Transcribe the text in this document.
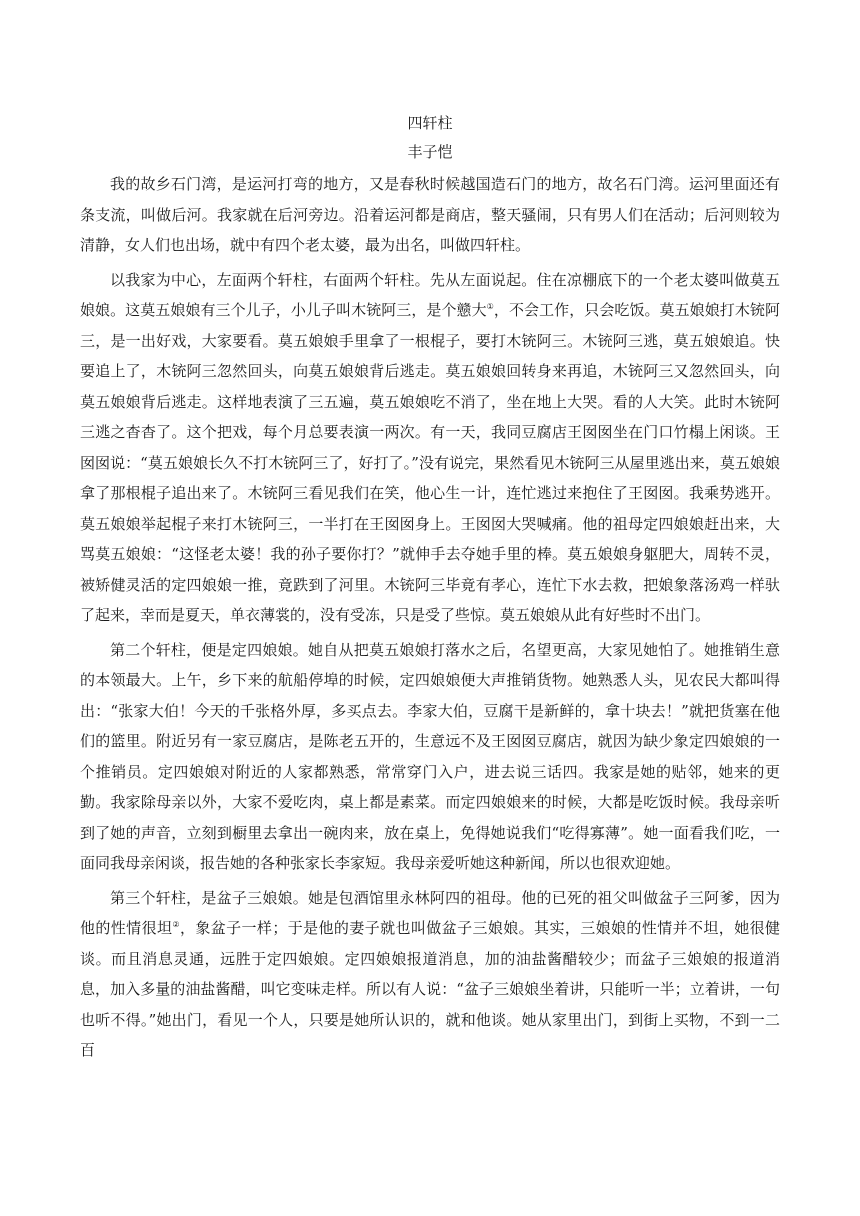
四轩柱
丰子恺

我的故乡石门湾，是运河打弯的地方，又是春秋时候越国造石门的地方，故名石门湾。运河里面还有条支流，叫做后河。我家就在后河旁边。沿着运河都是商店，整天骚闹，只有男人们在活动；后河则较为清静，女人们也出场，就中有四个老太婆，最为出名，叫做四轩柱。

以我家为中心，左面两个轩柱，右面两个轩柱。先从左面说起。住在凉棚底下的一个老太婆叫做莫五娘娘。这莫五娘娘有三个儿子，小儿子叫木铳阿三，是个戆大①，不会工作，只会吃饭。莫五娘娘打木铳阿三，是一出好戏，大家要看。莫五娘娘手里拿了一根棍子，要打木铳阿三。木铳阿三逃，莫五娘娘追。快要追上了，木铳阿三忽然回头，向莫五娘娘背后逃走。莫五娘娘回转身来再追，木铳阿三又忽然回头，向莫五娘娘背后逃走。这样地表演了三五遍，莫五娘娘吃不消了，坐在地上大哭。看的人大笑。此时木铳阿三逃之杳杳了。这个把戏，每个月总要表演一两次。有一天，我同豆腐店王囡囡坐在门口竹榻上闲谈。王囡囡说：“莫五娘娘长久不打木铳阿三了，好打了。”没有说完，果然看见木铳阿三从屋里逃出来，莫五娘娘拿了那根棍子追出来了。木铳阿三看见我们在笑，他心生一计，连忙逃过来抱住了王囡囡。我乘势逃开。莫五娘娘举起棍子来打木铳阿三，一半打在王囡囡身上。王囡囡大哭喊痛。他的祖母定四娘娘赶出来，大骂莫五娘娘：“这怪老太婆！我的孙子要你打？”就伸手去夺她手里的棒。莫五娘娘身躯肥大，周转不灵，被矫健灵活的定四娘娘一推，竟跌到了河里。木铳阿三毕竟有孝心，连忙下水去救，把娘象落汤鸡一样驮了起来，幸而是夏天，单衣薄裳的，没有受冻，只是受了些惊。莫五娘娘从此有好些时不出门。

第二个轩柱，便是定四娘娘。她自从把莫五娘娘打落水之后，名望更高，大家见她怕了。她推销生意的本领最大。上午，乡下来的航船停埠的时候，定四娘娘便大声推销货物。她熟悉人头，见农民大都叫得出：“张家大伯！今天的千张格外厚，多买点去。李家大伯，豆腐干是新鲜的，拿十块去！”就把货塞在他们的篮里。附近另有一家豆腐店，是陈老五开的，生意远不及王囡囡豆腐店，就因为缺少象定四娘娘的一个推销员。定四娘娘对附近的人家都熟悉，常常穿门入户，进去说三话四。我家是她的贴邻，她来的更勤。我家除母亲以外，大家不爱吃肉，桌上都是素菜。而定四娘娘来的时候，大都是吃饭时候。我母亲听到了她的声音，立刻到橱里去拿出一碗肉来，放在桌上，免得她说我们“吃得寡薄”。她一面看我们吃，一面同我母亲闲谈，报告她的各种张家长李家短。我母亲爱听她这种新闻，所以也很欢迎她。

第三个轩柱，是盆子三娘娘。她是包酒馆里永林阿四的祖母。他的已死的祖父叫做盆子三阿爹，因为他的性情很坦②，象盆子一样；于是他的妻子就也叫做盆子三娘娘。其实，三娘娘的性情并不坦，她很健谈。而且消息灵通，远胜于定四娘娘。定四娘娘报道消息，加的油盐酱醋较少；而盆子三娘娘的报道消息，加入多量的油盐酱醋，叫它变味走样。所以有人说：“盆子三娘娘坐着讲，只能听一半；立着讲，一句也听不得。”她出门，看见一个人，只要是她所认识的，就和他谈。她从家里出门，到街上买物，不到一二百
